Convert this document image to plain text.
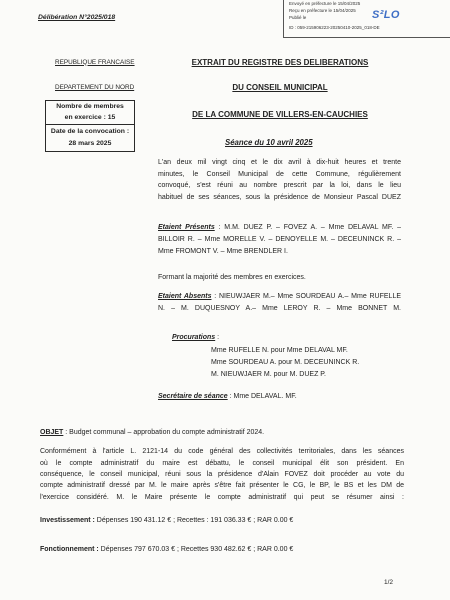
Envoyé en préfecture le 15/04/2025
Reçu en préfecture le 15/04/2025
Publié le
ID : 059-215906223-20250410-2025_018-DE
S²LO
Délibération N°2025/018
REPUBLIQUE FRANCAISE
DEPARTEMENT DU NORD
EXTRAIT DU REGISTRE DES DELIBERATIONS
DU CONSEIL MUNICIPAL
DE LA COMMUNE DE VILLERS-EN-CAUCHIES
Nombre de membres
en exercice : 15
Date de la convocation :
28 mars 2025	Séance du 10 avril 2025
L'an deux mil vingt cinq et le dix avril à dix-huit heures et trente
minutes, le Conseil Municipal de cette Commune, régulièrement
convoqué, s'est réuni au nombre prescrit par la loi, dans le lieu
habituel de ses séances, sous la présidence de Monsieur Pascal DUEZ
Etaient Présents : M.M. DUEZ P. – FOVEZ A. – Mme DELAVAL MF. –
BILLOIR R. – Mme MORELLE V. – DENOYELLE M. – DECEUNINCK R. –
Mme FROMONT V. – Mme BRENDLER I.
Formant la majorité des membres en exercices.
Etaient Absents : NIEUWJAER M.– Mme SOURDEAU A.– Mme RUFELLE
N. – M. DUQUESNOY A.– Mme LEROY R. – Mme BONNET M.
Procurations :
Mme RUFELLE N. pour Mme DELAVAL MF.
Mme SOURDEAU A. pour M. DECEUNINCK R.
M. NIEUWJAER M. pour M. DUEZ P.
Secrétaire de séance : Mme DELAVAL. MF.
OBJET : Budget communal – approbation du compte administratif 2024.
Conformément à l'article L. 2121-14 du code général des collectivités territoriales, dans les séances
où le compte administratif du maire est débattu, le conseil municipal élit son président. En
conséquence, le conseil municipal, réuni sous la présidence d'Alain FOVEZ doit procéder au vote du
compte administratif dressé par M. le maire après s'être fait présenter le CG, le BP, le BS et les DM de
l'exercice considéré. M. le Maire présente le compte administratif qui peut se résumer ainsi :
Investissement : Dépenses 190 431.12 € ; Recettes : 191 036.33 € ; RAR 0.00 €
Fonctionnement : Dépenses 797 670.03 € ; Recettes 930 482.62 € ; RAR 0.00 €
1/2
